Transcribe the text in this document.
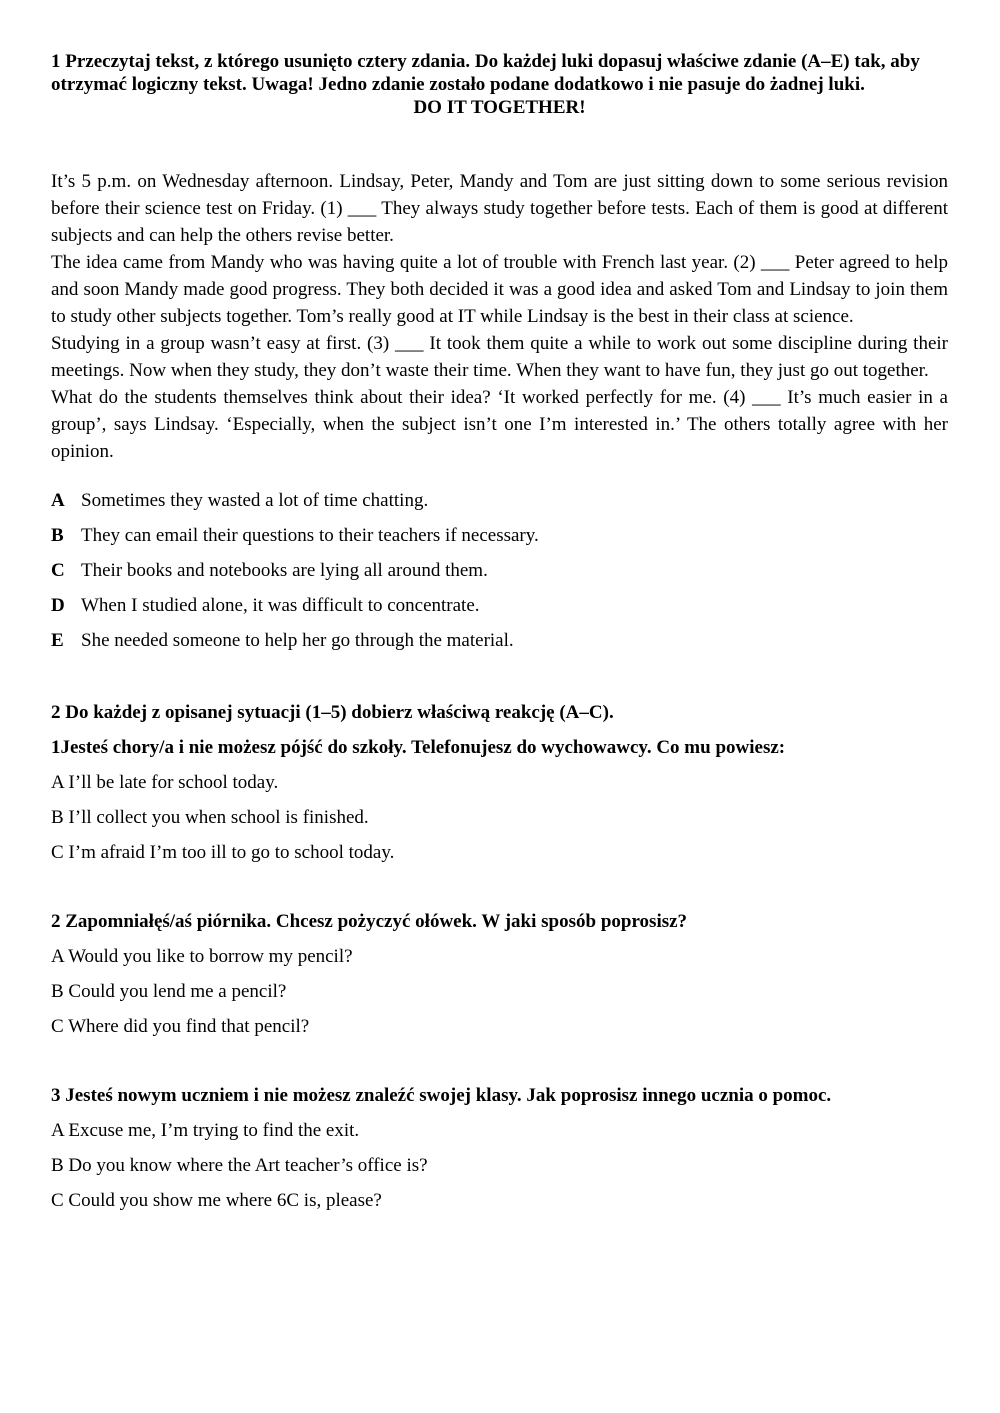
1 Przeczytaj tekst, z którego usunięto cztery zdania. Do każdej luki dopasuj właściwe zdanie (A–E) tak, aby otrzymać logiczny tekst. Uwaga! Jedno zdanie zostało podane dodatkowo i nie pasuje do żadnej luki.

DO IT TOGETHER!

It’s 5 p.m. on Wednesday afternoon. Lindsay, Peter, Mandy and Tom are just sitting down to some serious revision before their science test on Friday. (1) ___ They always study together before tests. Each of them is good at different subjects and can help the others revise better.

The idea came from Mandy who was having quite a lot of trouble with French last year. (2) ___ Peter agreed to help and soon Mandy made good progress. They both decided it was a good idea and asked Tom and Lindsay to join them to study other subjects together. Tom’s really good at IT while Lindsay is the best in their class at science.

Studying in a group wasn’t easy at first. (3) ___ It took them quite a while to work out some discipline during their meetings. Now when they study, they don’t waste their time. When they want to have fun, they just go out together.

What do the students themselves think about their idea? ‘It worked perfectly for me. (4) ___ It’s much easier in a group’, says Lindsay. ‘Especially, when the subject isn’t one I’m interested in.’ The others totally agree with her opinion.

A Sometimes they wasted a lot of time chatting.
B They can email their questions to their teachers if necessary.
C Their books and notebooks are lying all around them.
D When I studied alone, it was difficult to concentrate.
E She needed someone to help her go through the material.

2 Do każdej z opisanej sytuacji (1–5) dobierz właściwą reakcję (A–C).

1Jesteś chory/a i nie możesz pójść do szkoły. Telefonujesz do wychowawcy. Co mu powiesz:

A I’ll be late for school today.
B I’ll collect you when school is finished.
C I’m afraid I’m too ill to go to school today.

2 Zapomniałęś/aś piórnika. Chcesz pożyczyć ołówek. W jaki sposób poprosisz?

A Would you like to borrow my pencil?
B Could you lend me a pencil?
C Where did you find that pencil?

3 Jesteś nowym uczniem i nie możesz znaleźć swojej klasy. Jak poprosisz innego ucznia o pomoc.

A Excuse me, I’m trying to find the exit.
B Do you know where the Art teacher’s office is?
C Could you show me where 6C is, please?
